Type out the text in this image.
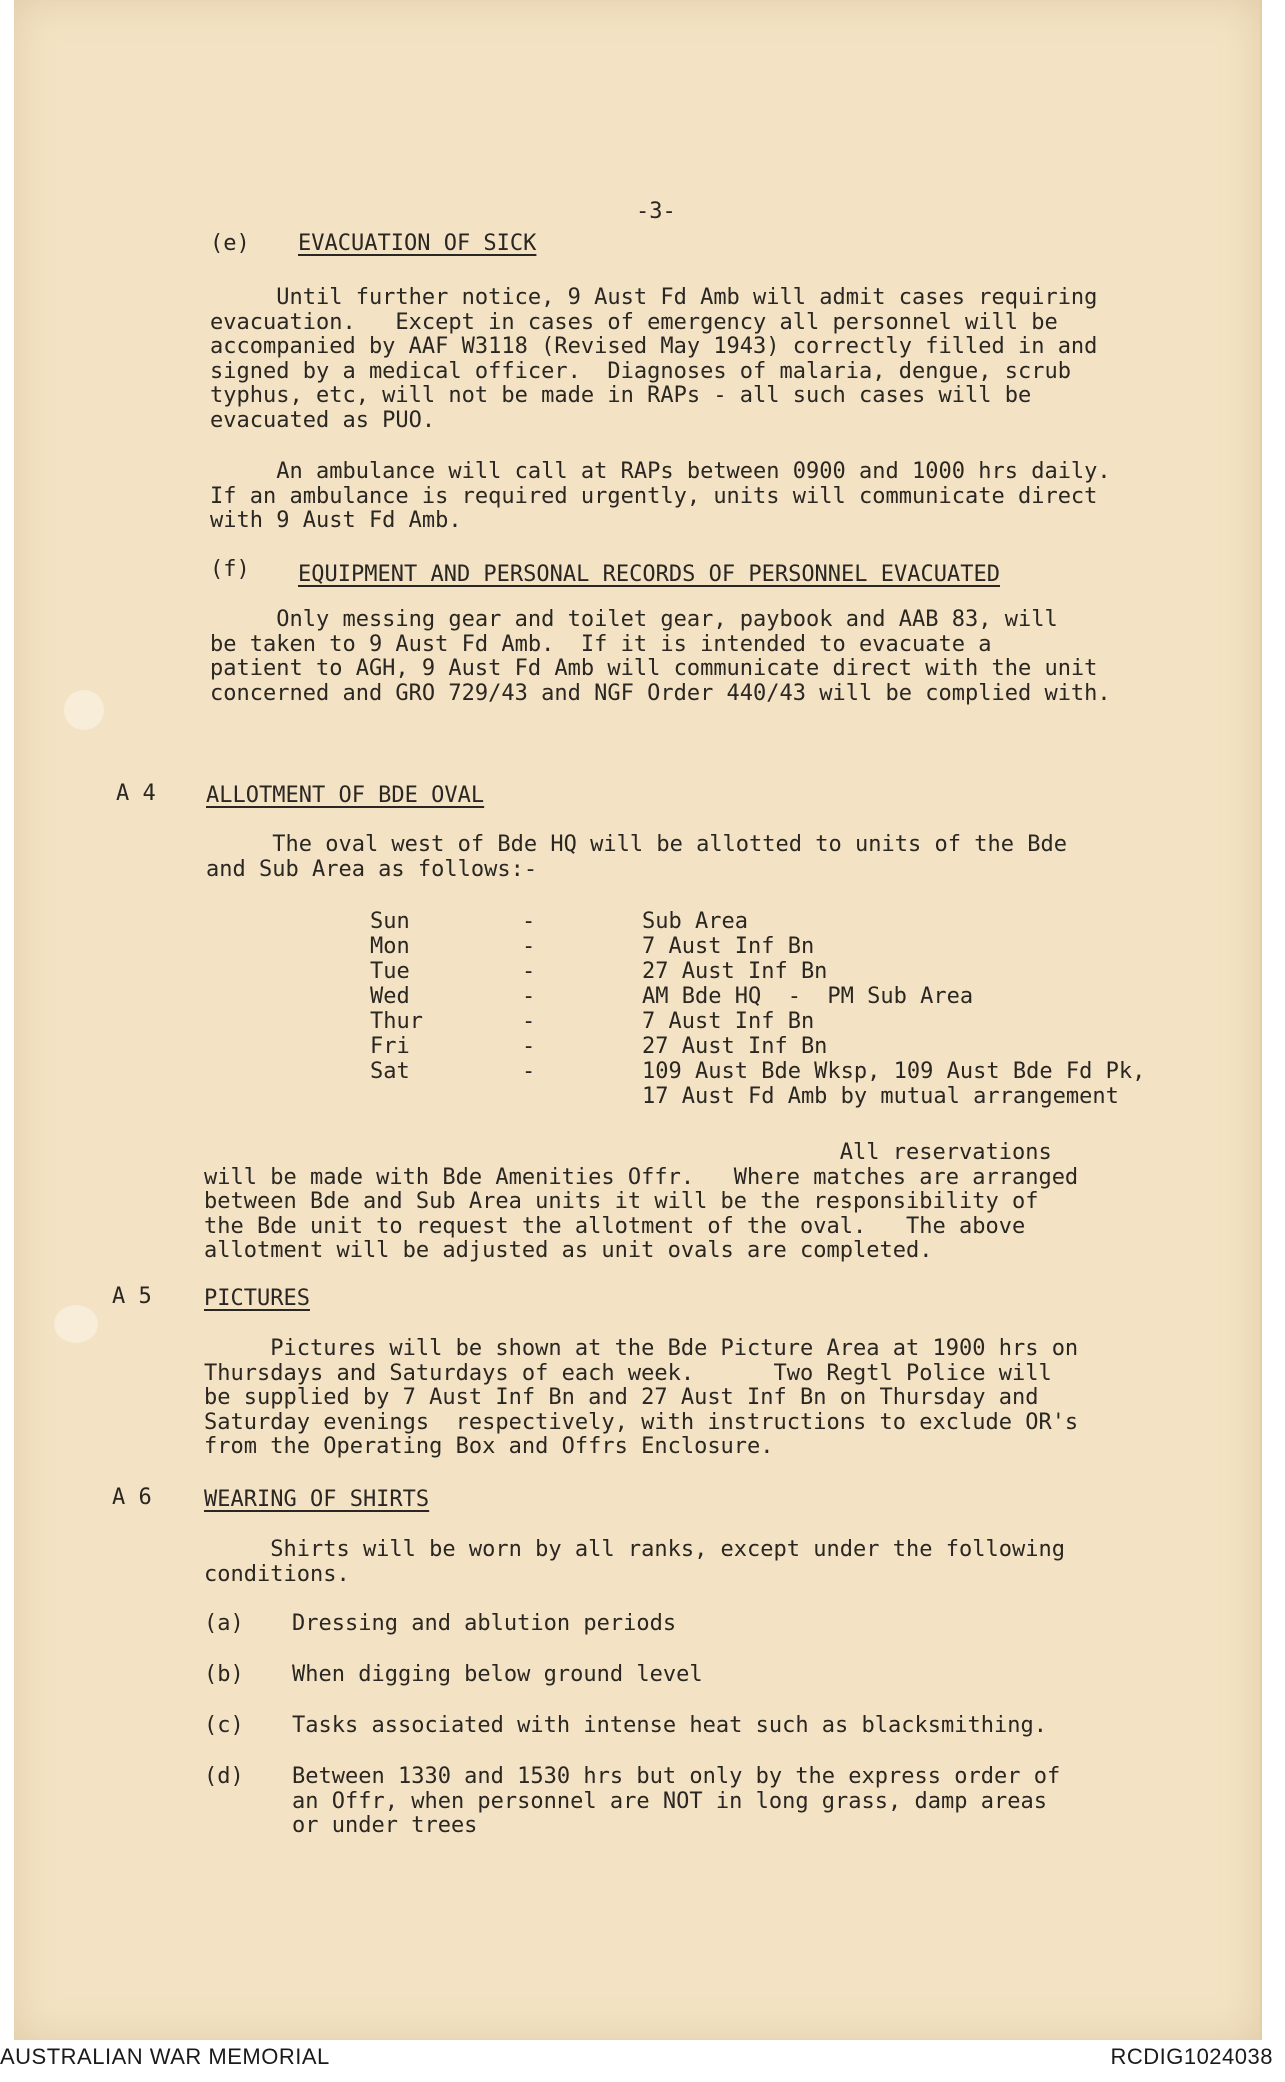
-3-
(e) EVACUATION OF SICK
Until further notice, 9 Aust Fd Amb will admit cases requiring
evacuation.   Except in cases of emergency all personnel will be
accompanied by AAF W3118 (Revised May 1943) correctly filled in and
signed by a medical officer.  Diagnoses of malaria, dengue, scrub
typhus, etc, will not be made in RAPs - all such cases will be
evacuated as PUO.
An ambulance will call at RAPs between 0900 and 1000 hrs daily.
If an ambulance is required urgently, units will communicate direct
with 9 Aust Fd Amb.
(f) EQUIPMENT AND PERSONAL RECORDS OF PERSONNEL EVACUATED
Only messing gear and toilet gear, paybook and AAB 83, will
be taken to 9 Aust Fd Amb.  If it is intended to evacuate a
patient to AGH, 9 Aust Fd Amb will communicate direct with the unit
concerned and GRO 729/43 and NGF Order 440/43 will be complied with.
A 4 ALLOTMENT OF BDE OVAL
The oval west of Bde HQ will be allotted to units of the Bde
and Sub Area as follows:-
Sun	-	Sub Area
Mon	-	7 Aust Inf Bn
Tue	-	27 Aust Inf Bn
Wed	-	AM Bde HQ  -  PM Sub Area
Thur	-	7 Aust Inf Bn
Fri	-	27 Aust Inf Bn
Sat	-	109 Aust Bde Wksp, 109 Aust Bde Fd Pk,
17 Aust Fd Amb by mutual arrangement
All reservations
will be made with Bde Amenities Offr.   Where matches are arranged
between Bde and Sub Area units it will be the responsibility of
the Bde unit to request the allotment of the oval.   The above
allotment will be adjusted as unit ovals are completed.
A 5 PICTURES
Pictures will be shown at the Bde Picture Area at 1900 hrs on
Thursdays and Saturdays of each week.      Two Regtl Police will
be supplied by 7 Aust Inf Bn and 27 Aust Inf Bn on Thursday and
Saturday evenings  respectively, with instructions to exclude OR's
from the Operating Box and Offrs Enclosure.
A 6 WEARING OF SHIRTS
Shirts will be worn by all ranks, except under the following
conditions.
(a) Dressing and ablution periods
(b) When digging below ground level
(c) Tasks associated with intense heat such as blacksmithing.
(d) Between 1330 and 1530 hrs but only by the express order of
an Offr, when personnel are NOT in long grass, damp areas
or under trees
AUSTRALIAN WAR MEMORIAL	RCDIG1024038
